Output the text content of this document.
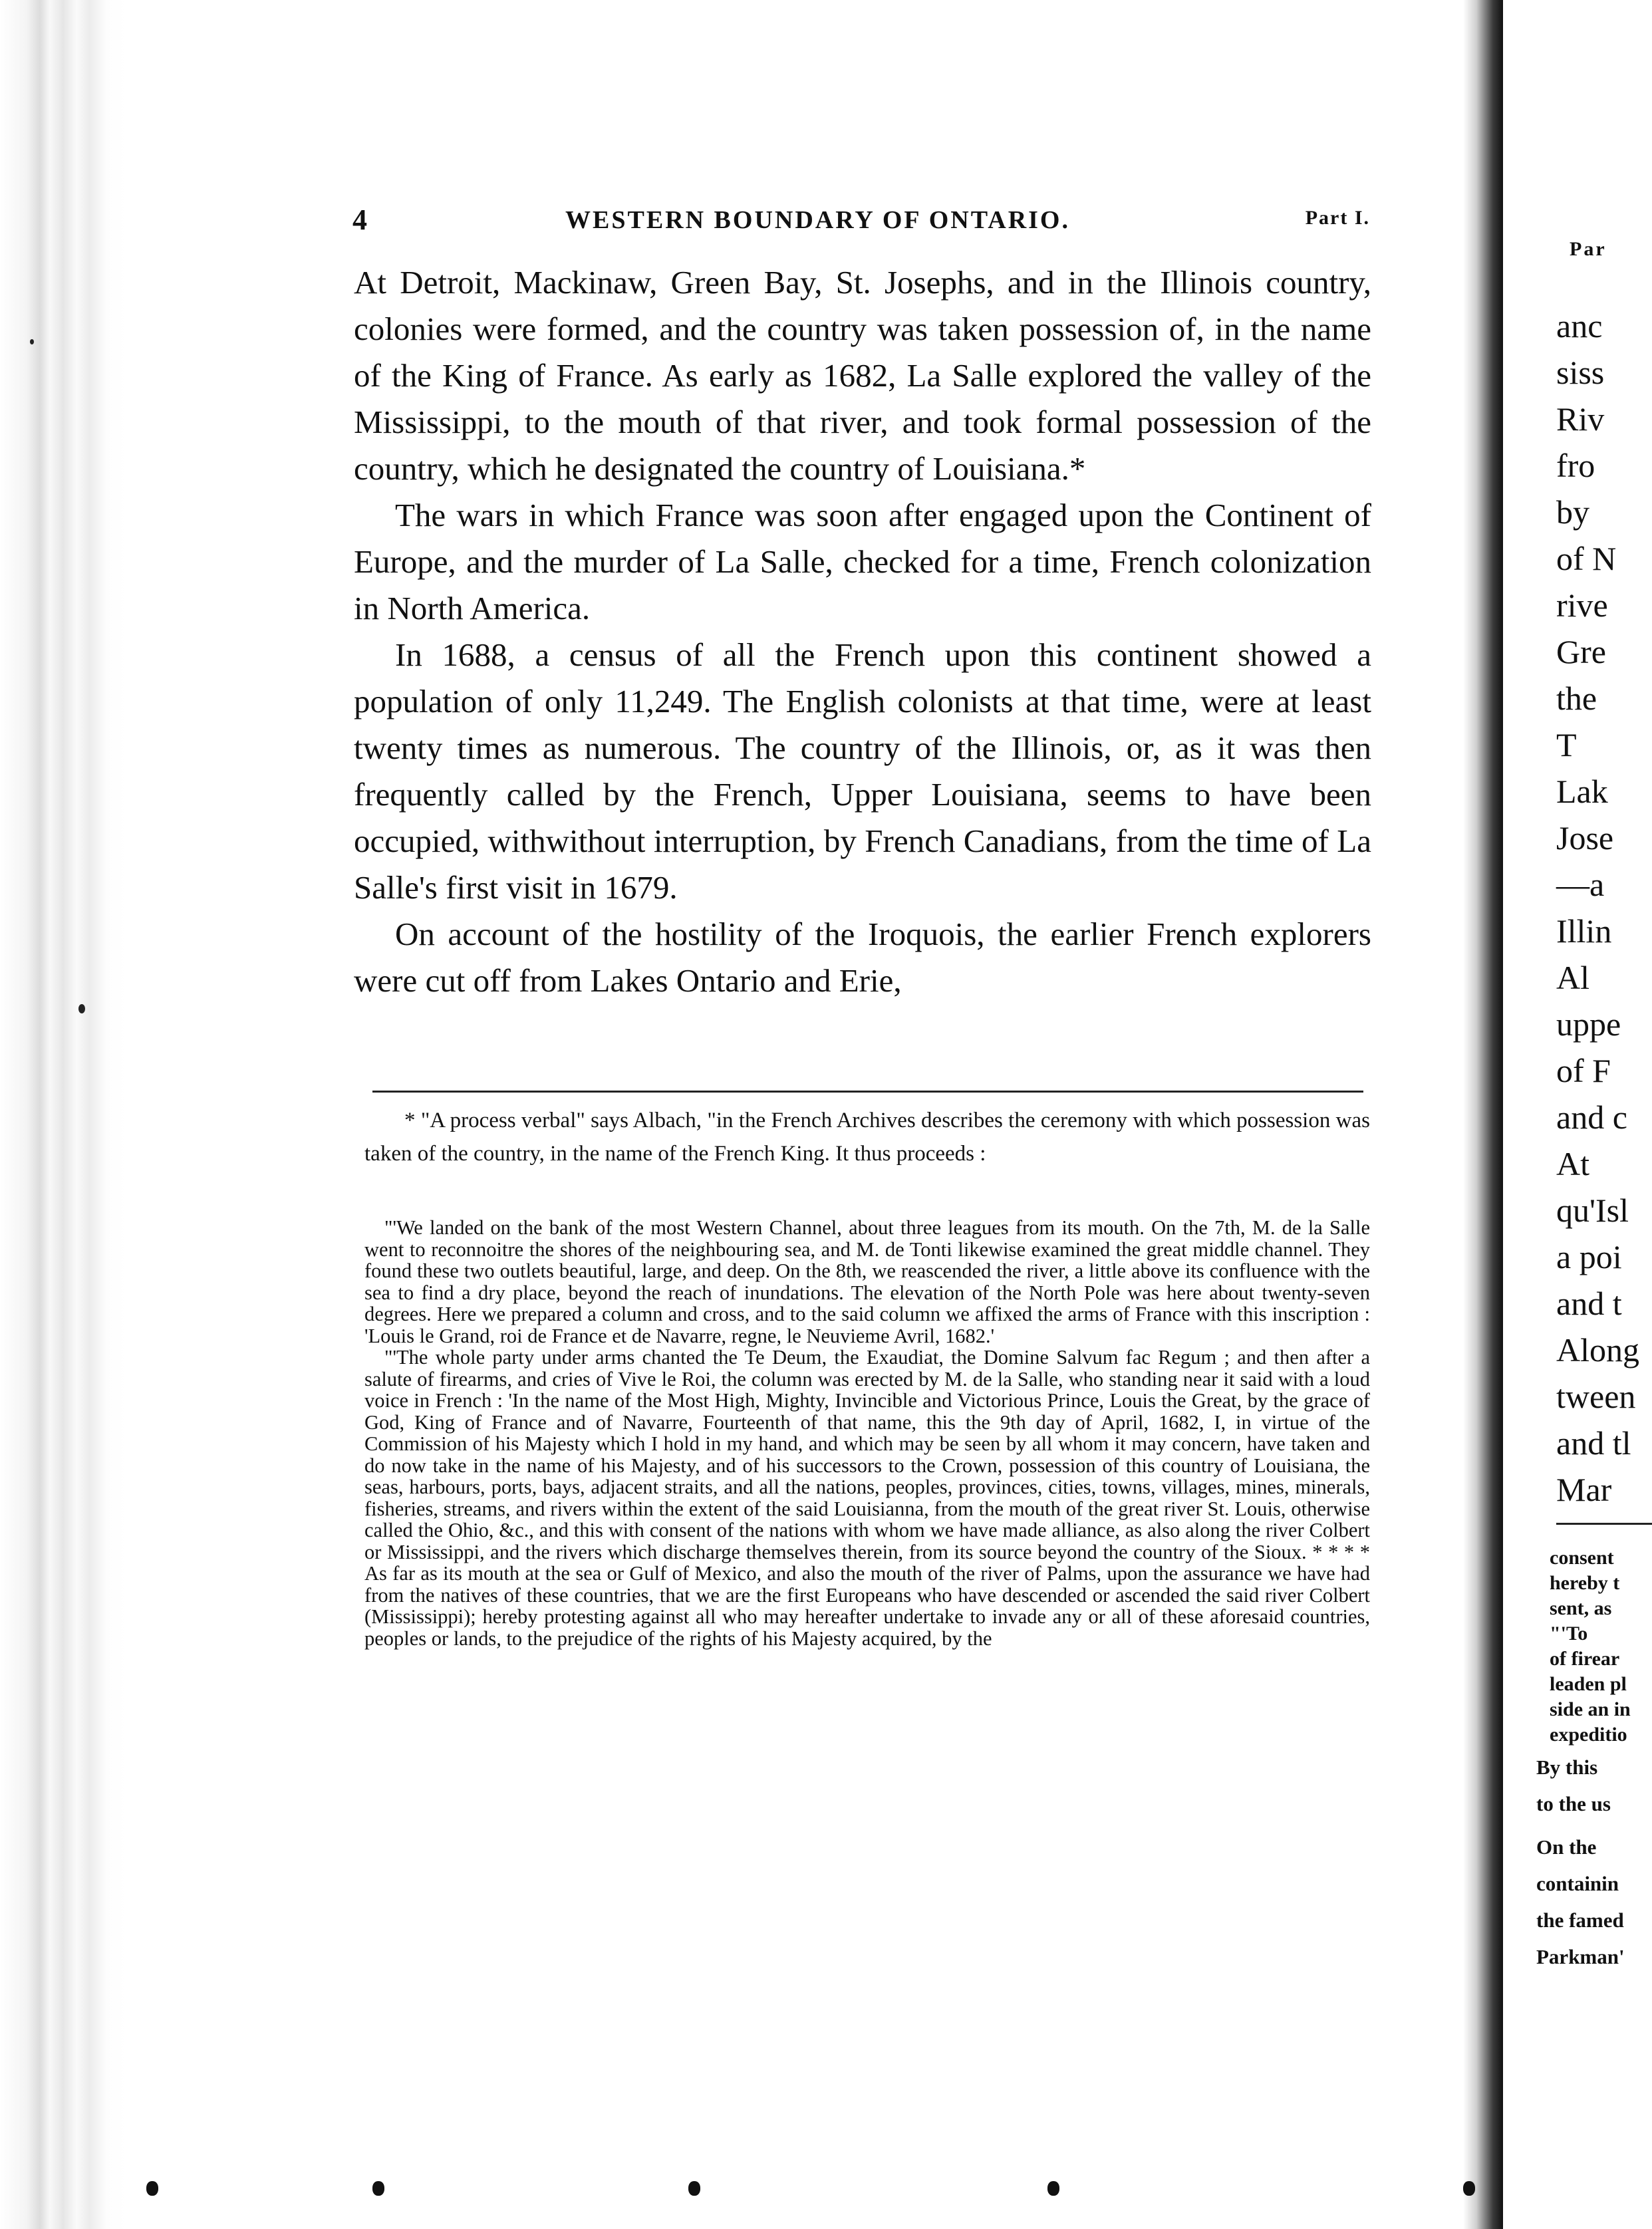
4	WESTERN BOUNDARY OF ONTARIO.	Part I.

At Detroit, Mackinaw, Green Bay, St. Josephs, and in the Illinois country, colonies were formed, and the country was taken possession of, in the name of the King of France. As early as 1682, La Salle explored the valley of the Mississippi, to the mouth of that river, and took formal possession of the country, which he designated the country of Louisiana.*

The wars in which France was soon after engaged upon the Continent of Europe, and the murder of La Salle, checked for a time, French colonization in North America.

In 1688, a census of all the French upon this continent showed a population of only 11,249. The English colonists at that time, were at least twenty times as numerous. The country of the Illinois, or, as it was then frequently called by the French, Upper Louisiana, seems to have been occupied, withwithout interruption, by French Canadians, from the time of La Salle's first visit in 1679.

On account of the hostility of the Iroquois, the earlier French explorers were cut off from Lakes Ontario and Erie,

* "A process verbal" says Albach, "in the French Archives describes the ceremony with which possession was taken of the country, in the name of the French King. It thus proceeds :

"'We landed on the bank of the most Western Channel, about three leagues from its mouth. On the 7th, M. de la Salle went to reconnoitre the shores of the neighbouring sea, and M. de Tonti likewise examined the great middle channel. They found these two outlets beautiful, large, and deep. On the 8th, we reascended the river, a little above its confluence with the sea to find a dry place, beyond the reach of inundations. The elevation of the North Pole was here about twenty-seven degrees. Here we prepared a column and cross, and to the said column we affixed the arms of France with this inscription : 'Louis le Grand, roi de France et de Navarre, regne, le Neuvieme Avril, 1682.'

"'The whole party under arms chanted the Te Deum, the Exaudiat, the Domine Salvum fac Regum ; and then after a salute of firearms, and cries of Vive le Roi, the column was erected by M. de la Salle, who standing near it said with a loud voice in French : 'In the name of the Most High, Mighty, Invincible and Victorious Prince, Louis the Great, by the grace of God, King of France and of Navarre, Fourteenth of that name, this the 9th day of April, 1682, I, in virtue of the Commission of his Majesty which I hold in my hand, and which may be seen by all whom it may concern, have taken and do now take in the name of his Majesty, and of his successors to the Crown, possession of this country of Louisiana, the seas, harbours, ports, bays, adjacent straits, and all the nations, peoples, provinces, cities, towns, villages, mines, minerals, fisheries, streams, and rivers within the extent of the said Louisianna, from the mouth of the great river St. Louis, otherwise called the Ohio, &c., and this with consent of the nations with whom we have made alliance, as also along the river Colbert or Mississippi, and the rivers which discharge themselves therein, from its source beyond the country of the Sioux. * * * * As far as its mouth at the sea or Gulf of Mexico, and also the mouth of the river of Palms, upon the assurance we have had from the natives of these countries, that we are the first Europeans who have descended or ascended the said river Colbert (Mississippi); hereby protesting against all who may hereafter undertake to invade any or all of these aforesaid countries, peoples or lands, to the prejudice of the rights of his Majesty acquired, by the

Par
anc
siss
Riv
fro
by
of N
rive
Gre
the
T
Lak
Jose
—a
Illin
Al
uppe
of F
and c
At
qu'Isl
a poi
and t
Along
tween
and tl
Mar
consent
hereby t
sent, as
"'To
of firear
leaden pl
side an in
expeditio
By this
to the us
On the
containin
the famed
Parkman'
